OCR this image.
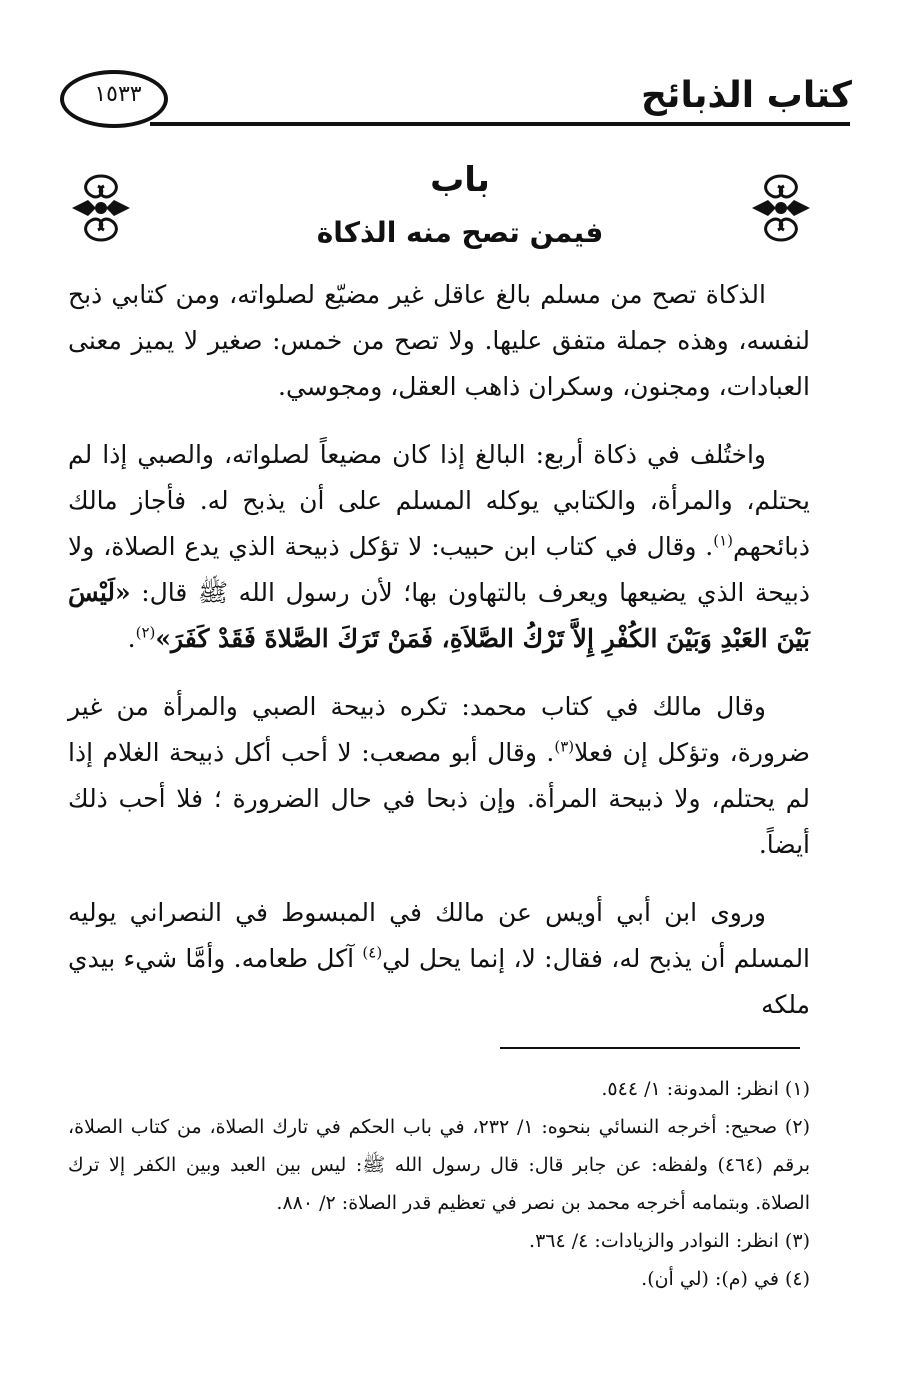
كتاب الذبائح
١٥٣٣
باب
فيمن تصح منه الذكاة

الذكاة تصح من مسلم بالغ عاقل غير مضيّع لصلواته، ومن كتابي ذبح لنفسه، وهذه جملة متفق عليها. ولا تصح من خمس: صغير لا يميز معنى العبادات، ومجنون، وسكران ذاهب العقل، ومجوسي.

واختُلف في ذكاة أربع: البالغ إذا كان مضيعاً لصلواته، والصبي إذا لم يحتلم، والمرأة، والكتابي يوكله المسلم على أن يذبح له. فأجاز مالك ذبائحهم$^{(١)}$. وقال في كتاب ابن حبيب: لا تؤكل ذبيحة الذي يدع الصلاة، ولا ذبيحة الذي يضيعها ويعرف بالتهاون بها؛ لأن رسول الله ﷺ قال: «لَيْسَ بَيْنَ العَبْدِ وَبَيْنَ الكُفْرِ إِلاَّ تَرْكُ الصَّلاَةِ، فَمَنْ تَرَكَ الصَّلاةَ فَقَدْ كَفَرَ»$^{(٢)}$.

وقال مالك في كتاب محمد: تكره ذبيحة الصبي والمرأة من غير ضرورة، وتؤكل إن فعلا$^{(٣)}$. وقال أبو مصعب: لا أحب أكل ذبيحة الغلام إذا لم يحتلم، ولا ذبيحة المرأة. وإن ذبحا في حال الضرورة ؛ فلا أحب ذلك أيضاً.

وروى ابن أبي أويس عن مالك في المبسوط في النصراني يوليه المسلم أن يذبح له، فقال: لا، إنما يحل لي$^{(٤)}$ آكل طعامه. وأمَّا شيء بيدي ملكه

(١) انظر: المدونة: ١/ ٥٤٤.

(٢) صحيح: أخرجه النسائي بنحوه: ١/ ٢٣٢، في باب الحكم في تارك الصلاة، من كتاب الصلاة، برقم (٤٦٤) ولفظه: عن جابر قال: قال رسول الله ﷺ: ليس بين العبد وبين الكفر إلا ترك الصلاة. وبتمامه أخرجه محمد بن نصر في تعظيم قدر الصلاة: ٢/ ٨٨٠.

(٣) انظر: النوادر والزيادات: ٤/ ٣٦٤.

(٤) في (م): (لي أن).
